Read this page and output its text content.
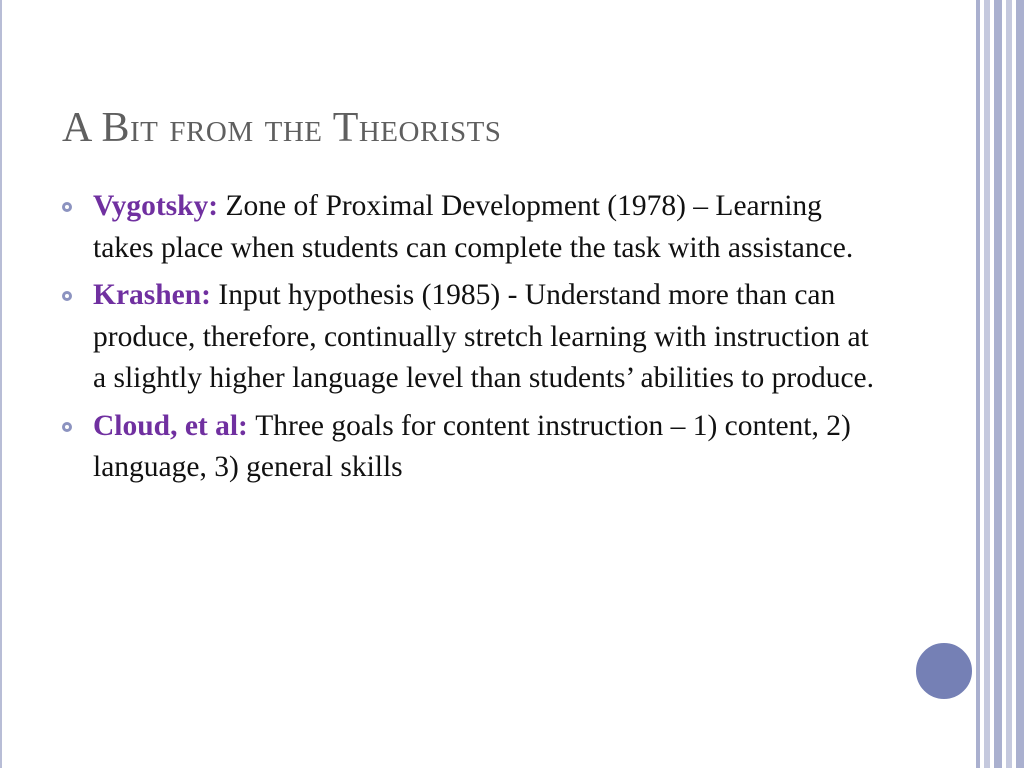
A Bit from the Theorists
Vygotsky: Zone of Proximal Development (1978) – Learning takes place when students can complete the task with assistance.
Krashen: Input hypothesis (1985) - Understand more than can produce, therefore, continually stretch learning with instruction at a slightly higher language level than students’ abilities to produce.
Cloud, et al: Three goals for content instruction – 1) content, 2) language, 3) general skills
